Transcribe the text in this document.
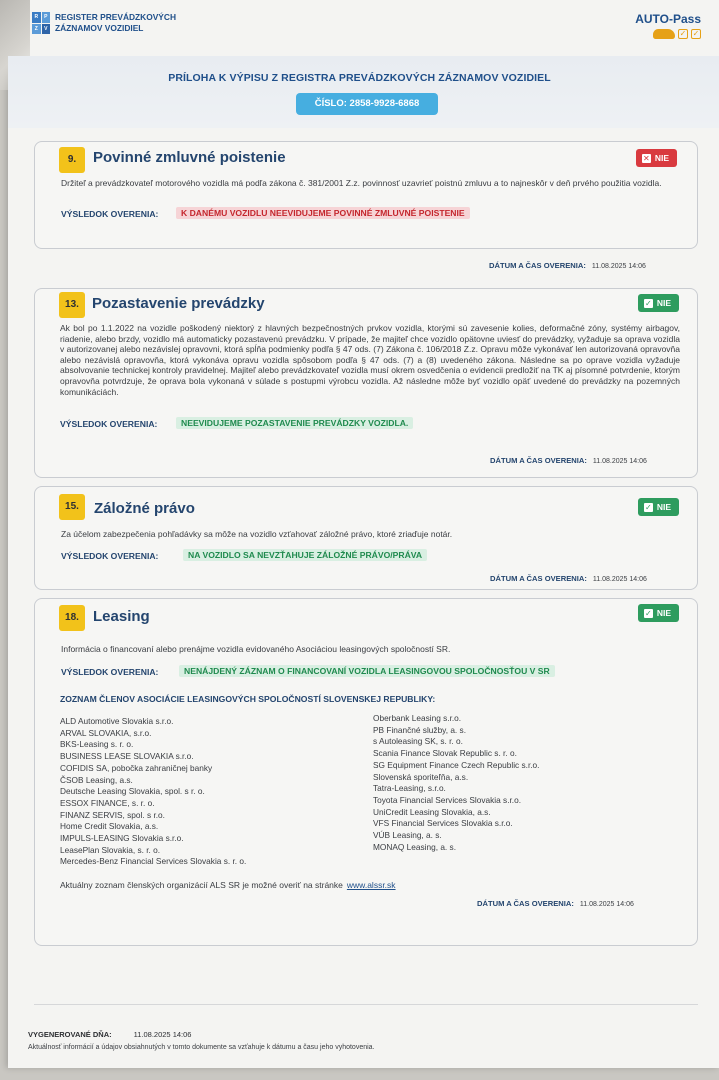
R	P
Z	V
REGISTER PREVÁDZKOVÝCH
ZÁZNAMOV VOZIDIEL
AUTO-Pass
✓ ✓
PRÍLOHA K VÝPISU Z REGISTRA PREVÁDZKOVÝCH ZÁZNAMOV VOZIDIEL
ČÍSLO: 2858-9928-6868
9.	Povinné zmluvné poistenie	✕ NIE
Držiteľ a prevádzkovateľ motorového vozidla má podľa zákona č. 381/2001 Z.z. povinnosť uzavrieť poistnú zmluvu a to najneskôr v deň prvého použitia vozidla.
VÝSLEDOK OVERENIA:	K DANÉMU VOZIDLU NEEVIDUJEME POVINNÉ ZMLUVNÉ POISTENIE
DÁTUM A ČAS OVERENIA: 11.08.2025 14:06
13. Pozastavenie prevádzky	✓ NIE
Ak bol po 1.1.2022 na vozidle poškodený niektorý z hlavných bezpečnostných prvkov vozidla, ktorými sú zavesenie kolies, deformačné zóny, systémy airbagov, riadenie, alebo brzdy, vozidlo má automaticky pozastavenú prevádzku. V prípade, že majiteľ chce vozidlo opätovne uviesť do prevádzky, vyžaduje sa oprava vozidla v autorizovanej alebo nezávislej opravovni, ktorá spĺňa podmienky podľa § 47 ods. (7) Zákona č. 106/2018 Z.z. Opravu môže vykonávať len autorizovaná opravovňa alebo nezávislá opravovňa, ktorá vykonáva opravu vozidla spôsobom podľa § 47 ods. (7) a (8) uvedeného zákona. Následne sa po oprave vozidla vyžaduje absolvovanie technickej kontroly pravidelnej. Majiteľ alebo prevádzkovateľ vozidla musí okrem osvedčenia o evidencii predložiť na TK aj písomné potvrdenie, ktorým opravovňa potvrdzuje, že oprava bola vykonaná v súlade s postupmi výrobcu vozidla. Až následne môže byť vozidlo opäť uvedené do prevádzky na pozemných komunikáciách.
VÝSLEDOK OVERENIA:	NEEVIDUJEME POZASTAVENIE PREVÁDZKY VOZIDLA.
DÁTUM A ČAS OVERENIA: 11.08.2025 14:06
15.	Záložné právo	✓ NIE
Za účelom zabezpečenia pohľadávky sa môže na vozidlo vzťahovať záložné právo, ktoré zriaďuje notár.
VÝSLEDOK OVERENIA:	NA VOZIDLO SA NEVZŤAHUJE ZÁLOŽNÉ PRÁVO/PRÁVA
DÁTUM A ČAS OVERENIA: 11.08.2025 14:06
18. Leasing	✓ NIE
Informácia o financovaní alebo prenájme vozidla evidovaného Asociáciou leasingových spoločností SR.
VÝSLEDOK OVERENIA:	NENÁJDENÝ ZÁZNAM O FINANCOVANÍ VOZIDLA LEASINGOVOU SPOLOČNOSŤOU V SR
ZOZNAM ČLENOV ASOCIÁCIE LEASINGOVÝCH SPOLOČNOSTÍ SLOVENSKEJ REPUBLIKY:
ALD Automotive Slovakia s.r.o.
ARVAL SLOVAKIA, s.r.o.
BKS-Leasing s. r. o.
BUSINESS LEASE SLOVAKIA s.r.o.
COFIDIS SA, pobočka zahraničnej banky
ČSOB Leasing, a.s.
Deutsche Leasing Slovakia, spol. s r. o.
ESSOX FINANCE, s. r. o.
FINANZ SERVIS, spol. s r.o.
Home Credit Slovakia, a.s.
IMPULS-LEASING Slovakia s.r.o.
LeasePlan Slovakia, s. r. o.
Mercedes-Benz Financial Services Slovakia s. r. o.
Oberbank Leasing s.r.o.
PB Finančné služby, a. s.
s Autoleasing SK, s. r. o.
Scania Finance Slovak Republic s. r. o.
SG Equipment Finance Czech Republic s.r.o.
Slovenská sporiteľňa, a.s.
Tatra-Leasing, s.r.o.
Toyota Financial Services Slovakia s.r.o.
UniCredit Leasing Slovakia, a.s.
VFS Financial Services Slovakia s.r.o.
VÚB Leasing, a. s.
MONAQ Leasing, a. s.
Aktuálny zoznam členských organizácií ALS SR je možné overiť na stránke www.alssr.sk
DÁTUM A ČAS OVERENIA: 11.08.2025 14:06
VYGENEROVANÉ DŇA:	11.08.2025 14:06
Aktuálnosť informácií a údajov obsiahnutých v tomto dokumente sa vzťahuje k dátumu a času jeho vyhotovenia.
